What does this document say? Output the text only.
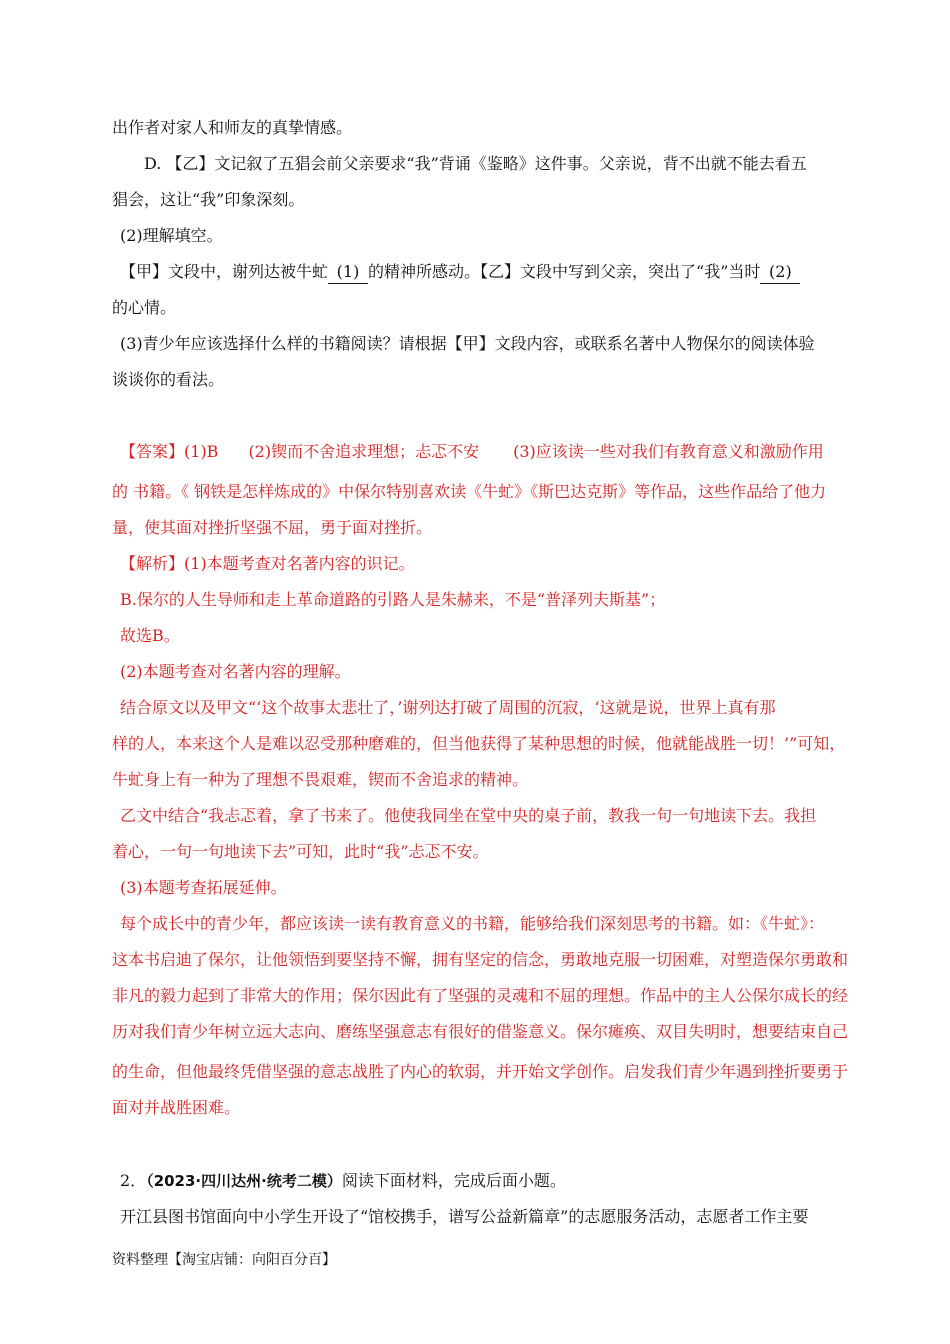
出作者对家人和师友的真挚情感。
D. 【乙】文记叙了五猖会前父亲要求“我”背诵《鉴略》这件事。父亲说，背不出就不能去看五
猖会，这让“我”印象深刻。
(2)理解填空。
【甲】文段中，谢列达被牛虻 (1) 的精神所感动。【乙】文段中写到父亲，突出了“我”当时 (2)
的心情。
(3)青少年应该选择什么样的书籍阅读？请根据【甲】文段内容，或联系名著中人物保尔的阅读体验
谈谈你的看法。
【答案】(1)B (2)锲而不舍追求理想；忐忑不安 (3)应该读一些对我们有教育意义和激励作用
的 书籍。《 钢铁是怎样炼成的》中保尔特别喜欢读《牛虻》《斯巴达克斯》等作品，这些作品给了他力
量，使其面对挫折坚强不屈，勇于面对挫折。
【解析】(1)本题考查对名著内容的识记。
B.保尔的人生导师和走上革命道路的引路人是朱赫来，不是“普泽列夫斯基”；
故选B。
(2)本题考查对名著内容的理解。
结合原文以及甲文“‘这个故事太悲壮了，’谢列达打破了周围的沉寂，‘这就是说，世界上真有那
样的人，本来这个人是难以忍受那种磨难的，但当他获得了某种思想的时候，他就能战胜一切！’”可知，
牛虻身上有一种为了理想不畏艰难，锲而不舍追求的精神。
乙文中结合“我忐忑着，拿了书来了。他使我同坐在堂中央的桌子前，教我一句一句地读下去。我担
着心，一句一句地读下去”可知，此时“我”忐忑不安。
(3)本题考查拓展延伸。
每个成长中的青少年，都应该读一读有教育意义的书籍，能够给我们深刻思考的书籍。如：《牛虻》：
这本书启迪了保尔，让他领悟到要坚持不懈，拥有坚定的信念，勇敢地克服一切困难，对塑造保尔勇敢和
非凡的毅力起到了非常大的作用；保尔因此有了坚强的灵魂和不屈的理想。作品中的主人公保尔成长的经
历对我们青少年树立远大志向、磨练坚强意志有很好的借鉴意义。保尔瘫痪、双目失明时，想要结束自己
的生命，但他最终凭借坚强的意志战胜了内心的软弱，并开始文学创作。启发我们青少年遇到挫折要勇于
面对并战胜困难。
2．（2023·四川达州·统考二模）阅读下面材料，完成后面小题。
开江县图书馆面向中小学生开设了“馆校携手，谱写公益新篇章”的志愿服务活动，志愿者工作主要
资料整理【淘宝店铺：向阳百分百】
